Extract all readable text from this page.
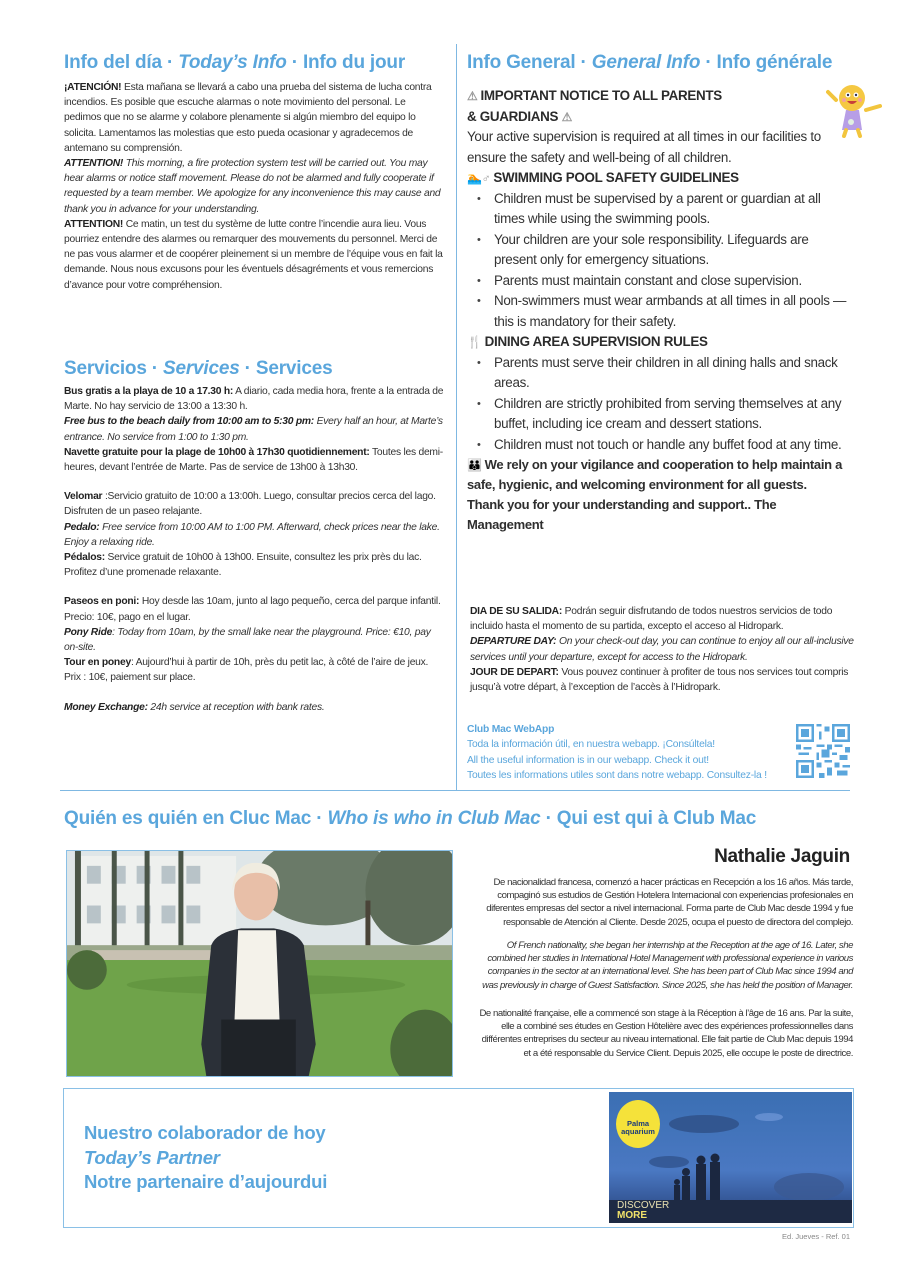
Info del día · Today’s Info · Info du jour

¡ATENCIÓN! Esta mañana se llevará a cabo una prueba del sistema de lucha contra incendios. Es posible que escuche alarmas o note movimiento del personal. Le pedimos que no se alarme y colabore plenamente si algún miembro del equipo lo solicita. Lamentamos las molestias que esto pueda ocasionar y agradecemos de antemano su comprensión.

ATTENTION! This morning, a fire protection system test will be carried out. You may hear alarms or notice staff movement. Please do not be alarmed and fully cooperate if requested by a team member. We apologize for any inconvenience this may cause and thank you in advance for your understanding.

ATTENTION! Ce matin, un test du système de lutte contre l’incendie aura lieu. Vous pourriez entendre des alarmes ou remarquer des mouvements du personnel. Merci de ne pas vous alarmer et de coopérer pleinement si un membre de l’équipe vous en fait la demande. Nous nous excusons pour les éventuels désagréments et vous remercions d’avance pour votre compréhension.

Servicios · Services · Services

Bus gratis a la playa de 10 a 17.30 h: A diario, cada media hora, frente a la entrada de Marte. No hay servicio de 13:00 a 13:30 h.

Free bus to the beach daily from 10:00 am to 5:30 pm: Every half an hour, at Marte’s entrance. No service from 1:00 to 1:30 pm.

Navette gratuite pour la plage de 10h00 à 17h30 quotidiennement: Toutes les demi-heures, devant l’entrée de Marte. Pas de service de 13h00 à 13h30.

Velomar :Servicio gratuito de 10:00 a 13:00h. Luego, consultar precios cerca del lago. Disfruten de un paseo relajante.

Pedalo: Free service from 10:00 AM to 1:00 PM. Afterward, check prices near the lake. Enjoy a relaxing ride.

Pédalos: Service gratuit de 10h00 à 13h00. Ensuite, consultez les prix près du lac. Profitez d’une promenade relaxante.

Paseos en poni: Hoy desde las 10am, junto al lago pequeño, cerca del parque infantil. Precio: 10€, pago en el lugar.

Pony Ride: Today from 10am, by the small lake near the playground. Price: €10, pay on-site.

Tour en poney: Aujourd’hui à partir de 10h, près du petit lac, à côté de l’aire de jeux. Prix : 10€, paiement sur place.

Money Exchange: 24h service at reception with bank rates.

Info General · General Info · Info générale

⚠ IMPORTANT NOTICE TO ALL PARENTS
& GUARDIANS ⚠

Your active supervision is required at all times in our facilities to ensure the safety and well-being of all children.

🏊♂ SWIMMING POOL SAFETY GUIDELINES

• Children must be supervised by a parent or guardian at all times while using the swimming pools.
• Your children are your sole responsibility. Lifeguards are present only for emergency situations.
• Parents must maintain constant and close supervision.
• Non-swimmers must wear armbands at all times in all pools — this is mandatory for their safety.

🍴 DINING AREA SUPERVISION RULES

• Parents must serve their children in all dining halls and snack areas.
• Children are strictly prohibited from serving themselves at any buffet, including ice cream and dessert stations.
• Children must not touch or handle any buffet food at any time.

👪 We rely on your vigilance and cooperation to help maintain a safe, hygienic, and welcoming environment for all guests.

Thank you for your understanding and support.. The Management

DIA DE SU SALIDA: Podrán seguir disfrutando de todos nuestros servicios de todo incluido hasta el momento de su partida, excepto el acceso al Hidropark.

DEPARTURE DAY: On your check-out day, you can continue to enjoy all our all-inclusive services until your departure, except for access to the Hidropark.

JOUR DE DEPART: Vous pouvez continuer à profiter de tous nos services tout compris jusqu’à votre départ, à l’exception de l’accès à l’Hidropark.

Club Mac WebApp

Toda la información útil, en nuestra webapp. ¡Consúltela!

All the useful information is in our webapp. Check it out!

Toutes les informations utiles sont dans notre webapp. Consultez-la !

Quién es quién en Cluc Mac · Who is who in Club Mac · Qui est qui à Club Mac

Nathalie Jaguin

De nacionalidad francesa, comenzó a hacer prácticas en Recepción a los 16 años. Más tarde, compaginó sus estudios de Gestión Hotelera Internacional con experiencias profesionales en diferentes empresas del sector a nivel internacional. Forma parte de Club Mac desde 1994 y fue responsable de Atención al Cliente. Desde 2025, ocupa el puesto de directora del complejo.

Of French nationality, she began her internship at the Reception at the age of 16. Later, she combined her studies in International Hotel Management with professional experience in various companies in the sector at an international level. She has been part of Club Mac since 1994 and was previously in charge of Guest Satisfaction. Since 2025, she has held the position of Manager.

De nationalité française, elle a commencé son stage à la Réception à l’âge de 16 ans. Par la suite, elle a combiné ses études en Gestion Hôtelière avec des expériences professionnelles dans différentes entreprises du secteur au niveau international. Elle fait partie de Club Mac depuis 1994 et a été responsable du Service Client. Depuis 2025, elle occupe le poste de directrice.

Nuestro colaborador de hoy

Today’s Partner

Notre partenaire d’aujourdui

Palma
aquarium
DISCOVER
MORE

Ed. Jueves - Ref. 01
